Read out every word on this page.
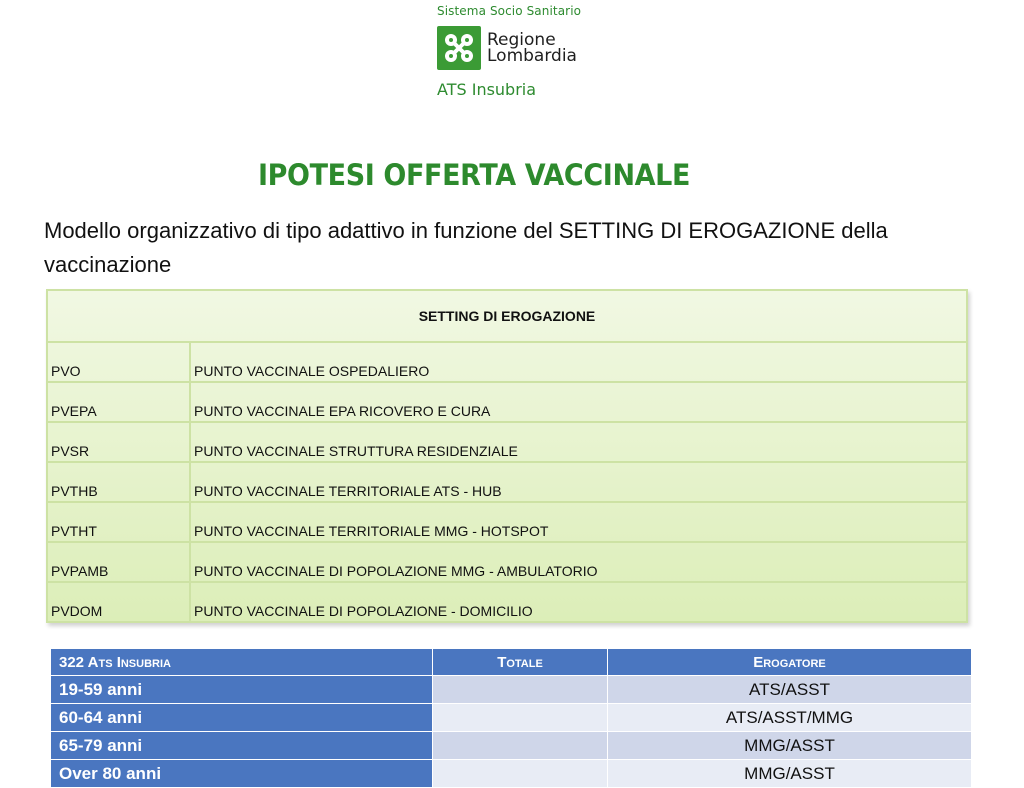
Sistema Socio Sanitario
Regione
Lombardia
ATS Insubria
IPOTESI OFFERTA VACCINALE
Modello organizzativo di tipo adattivo in funzione del SETTING DI EROGAZIONE della vaccinazione
SETTING DI EROGAZIONE	
PVO	PUNTO VACCINALE OSPEDALIERO
PVEPA	PUNTO VACCINALE EPA RICOVERO E CURA
PVSR	PUNTO VACCINALE STRUTTURA RESIDENZIALE
PVTHB	PUNTO VACCINALE TERRITORIALE ATS - HUB
PVTHT	PUNTO VACCINALE TERRITORIALE MMG - HOTSPOT
PVPAMB	PUNTO VACCINALE DI POPOLAZIONE MMG - AMBULATORIO
PVDOM	PUNTO VACCINALE DI POPOLAZIONE - DOMICILIO
322 Ats Insubria	Totale	Erogatore
19-59 anni		ATS/ASST
60-64 anni		ATS/ASST/MMG
65-79 anni		MMG/ASST
Over 80 anni		MMG/ASST
